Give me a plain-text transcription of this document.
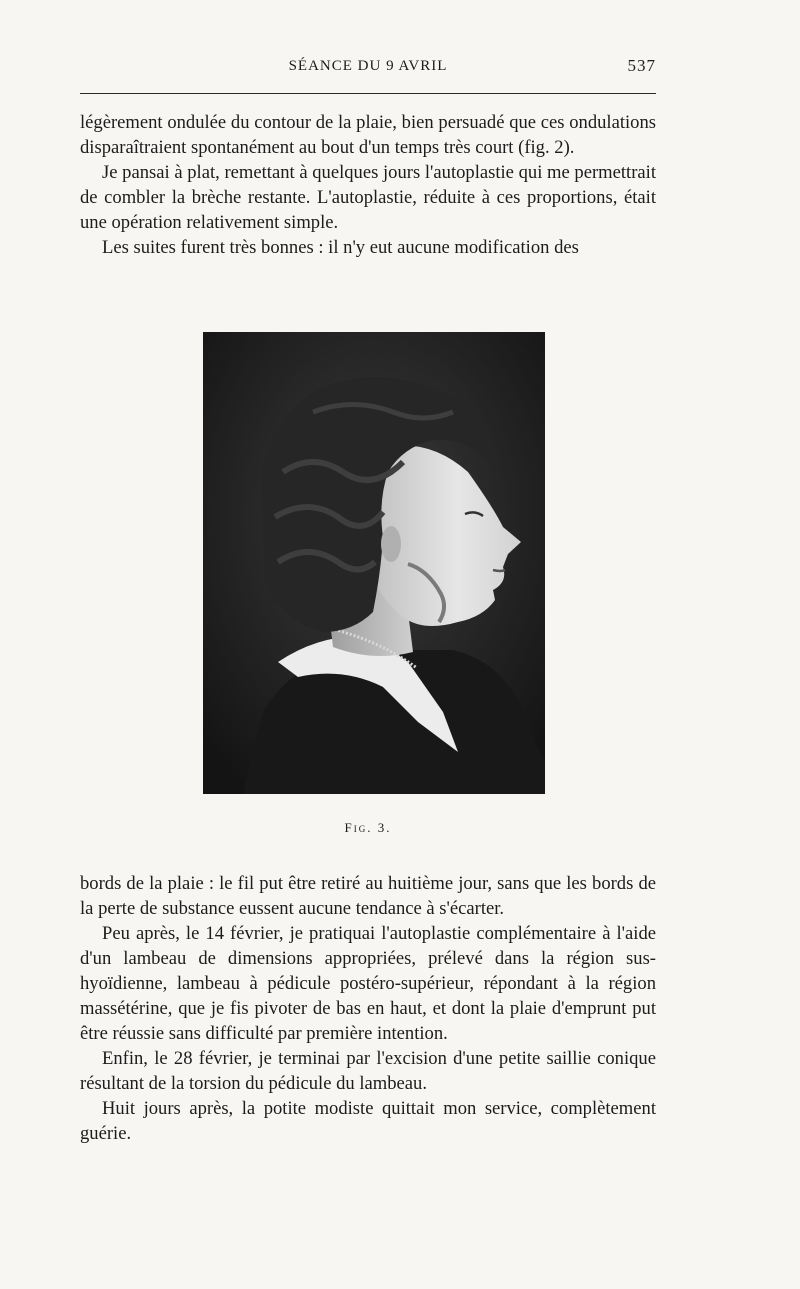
SÉANCE DU 9 AVRIL	537

légèrement ondulée du contour de la plaie, bien persuadé que ces ondulations disparaîtraient spontanément au bout d'un temps très court (fig. 2).

Je pansai à plat, remettant à quelques jours l'autoplastie qui me permettrait de combler la brèche restante. L'autoplastie, réduite à ces proportions, était une opération relativement simple.

Les suites furent très bonnes : il n'y eut aucune modification des

Fig. 3.

bords de la plaie : le fil put être retiré au huitième jour, sans que les bords de la perte de substance eussent aucune tendance à s'écarter.

Peu après, le 14 février, je pratiquai l'autoplastie complémentaire à l'aide d'un lambeau de dimensions appropriées, prélevé dans la région sus-hyoïdienne, lambeau à pédicule postéro-supérieur, répondant à la région massétérine, que je fis pivoter de bas en haut, et dont la plaie d'emprunt put être réussie sans difficulté par première intention.

Enfin, le 28 février, je terminai par l'excision d'une petite saillie conique résultant de la torsion du pédicule du lambeau.

Huit jours après, la potite modiste quittait mon service, complètement guérie.
